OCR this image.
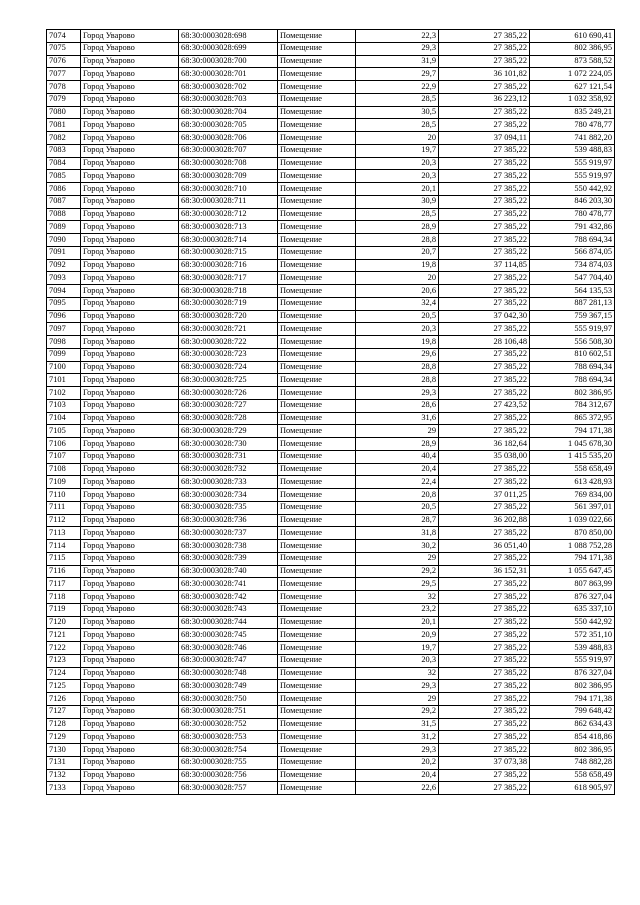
7074	Город Уварово	68:30:0003028:698	Помещение	22,3	27 385,22	610 690,41
7075	Город Уварово	68:30:0003028:699	Помещение	29,3	27 385,22	802 386,95
7076	Город Уварово	68:30:0003028:700	Помещение	31,9	27 385,22	873 588,52
7077	Город Уварово	68:30:0003028:701	Помещение	29,7	36 101,82	1 072 224,05
7078	Город Уварово	68:30:0003028:702	Помещение	22,9	27 385,22	627 121,54
7079	Город Уварово	68:30:0003028:703	Помещение	28,5	36 223,12	1 032 358,92
7080	Город Уварово	68:30:0003028:704	Помещение	30,5	27 385,22	835 249,21
7081	Город Уварово	68:30:0003028:705	Помещение	28,5	27 385,22	780 478,77
7082	Город Уварово	68:30:0003028:706	Помещение	20	37 094,11	741 882,20
7083	Город Уварово	68:30:0003028:707	Помещение	19,7	27 385,22	539 488,83
7084	Город Уварово	68:30:0003028:708	Помещение	20,3	27 385,22	555 919,97
7085	Город Уварово	68:30:0003028:709	Помещение	20,3	27 385,22	555 919,97
7086	Город Уварово	68:30:0003028:710	Помещение	20,1	27 385,22	550 442,92
7087	Город Уварово	68:30:0003028:711	Помещение	30,9	27 385,22	846 203,30
7088	Город Уварово	68:30:0003028:712	Помещение	28,5	27 385,22	780 478,77
7089	Город Уварово	68:30:0003028:713	Помещение	28,9	27 385,22	791 432,86
7090	Город Уварово	68:30:0003028:714	Помещение	28,8	27 385,22	788 694,34
7091	Город Уварово	68:30:0003028:715	Помещение	20,7	27 385,22	566 874,05
7092	Город Уварово	68:30:0003028:716	Помещение	19,8	37 114,85	734 874,03
7093	Город Уварово	68:30:0003028:717	Помещение	20	27 385,22	547 704,40
7094	Город Уварово	68:30:0003028:718	Помещение	20,6	27 385,22	564 135,53
7095	Город Уварово	68:30:0003028:719	Помещение	32,4	27 385,22	887 281,13
7096	Город Уварово	68:30:0003028:720	Помещение	20,5	37 042,30	759 367,15
7097	Город Уварово	68:30:0003028:721	Помещение	20,3	27 385,22	555 919,97
7098	Город Уварово	68:30:0003028:722	Помещение	19,8	28 106,48	556 508,30
7099	Город Уварово	68:30:0003028:723	Помещение	29,6	27 385,22	810 602,51
7100	Город Уварово	68:30:0003028:724	Помещение	28,8	27 385,22	788 694,34
7101	Город Уварово	68:30:0003028:725	Помещение	28,8	27 385,22	788 694,34
7102	Город Уварово	68:30:0003028:726	Помещение	29,3	27 385,22	802 386,95
7103	Город Уварово	68:30:0003028:727	Помещение	28,6	27 423,52	784 312,67
7104	Город Уварово	68:30:0003028:728	Помещение	31,6	27 385,22	865 372,95
7105	Город Уварово	68:30:0003028:729	Помещение	29	27 385,22	794 171,38
7106	Город Уварово	68:30:0003028:730	Помещение	28,9	36 182,64	1 045 678,30
7107	Город Уварово	68:30:0003028:731	Помещение	40,4	35 038,00	1 415 535,20
7108	Город Уварово	68:30:0003028:732	Помещение	20,4	27 385,22	558 658,49
7109	Город Уварово	68:30:0003028:733	Помещение	22,4	27 385,22	613 428,93
7110	Город Уварово	68:30:0003028:734	Помещение	20,8	37 011,25	769 834,00
7111	Город Уварово	68:30:0003028:735	Помещение	20,5	27 385,22	561 397,01
7112	Город Уварово	68:30:0003028:736	Помещение	28,7	36 202,88	1 039 022,66
7113	Город Уварово	68:30:0003028:737	Помещение	31,8	27 385,22	870 850,00
7114	Город Уварово	68:30:0003028:738	Помещение	30,2	36 051,40	1 088 752,28
7115	Город Уварово	68:30:0003028:739	Помещение	29	27 385,22	794 171,38
7116	Город Уварово	68:30:0003028:740	Помещение	29,2	36 152,31	1 055 647,45
7117	Город Уварово	68:30:0003028:741	Помещение	29,5	27 385,22	807 863,99
7118	Город Уварово	68:30:0003028:742	Помещение	32	27 385,22	876 327,04
7119	Город Уварово	68:30:0003028:743	Помещение	23,2	27 385,22	635 337,10
7120	Город Уварово	68:30:0003028:744	Помещение	20,1	27 385,22	550 442,92
7121	Город Уварово	68:30:0003028:745	Помещение	20,9	27 385,22	572 351,10
7122	Город Уварово	68:30:0003028:746	Помещение	19,7	27 385,22	539 488,83
7123	Город Уварово	68:30:0003028:747	Помещение	20,3	27 385,22	555 919,97
7124	Город Уварово	68:30:0003028:748	Помещение	32	27 385,22	876 327,04
7125	Город Уварово	68:30:0003028:749	Помещение	29,3	27 385,22	802 386,95
7126	Город Уварово	68:30:0003028:750	Помещение	29	27 385,22	794 171,38
7127	Город Уварово	68:30:0003028:751	Помещение	29,2	27 385,22	799 648,42
7128	Город Уварово	68:30:0003028:752	Помещение	31,5	27 385,22	862 634,43
7129	Город Уварово	68:30:0003028:753	Помещение	31,2	27 385,22	854 418,86
7130	Город Уварово	68:30:0003028:754	Помещение	29,3	27 385,22	802 386,95
7131	Город Уварово	68:30:0003028:755	Помещение	20,2	37 073,38	748 882,28
7132	Город Уварово	68:30:0003028:756	Помещение	20,4	27 385,22	558 658,49
7133	Город Уварово	68:30:0003028:757	Помещение	22,6	27 385,22	618 905,97
